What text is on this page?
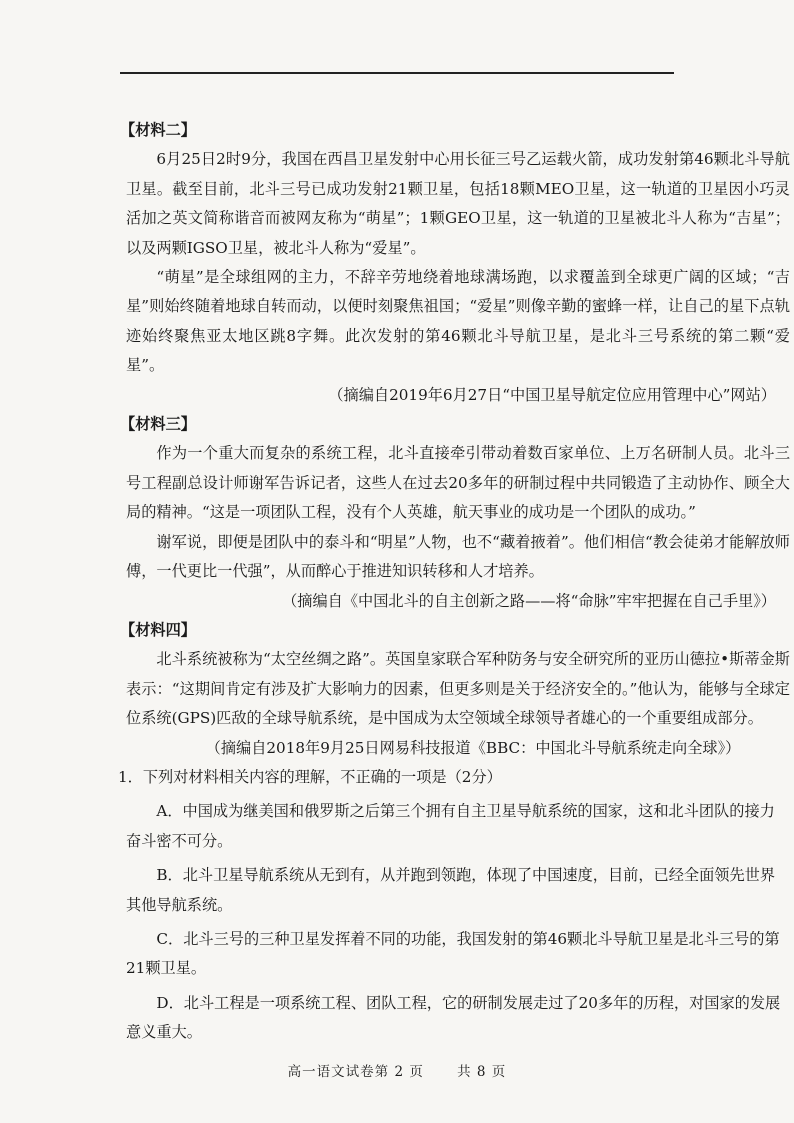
【材料二】

6月25日2时9分，我国在西昌卫星发射中心用长征三号乙运载火箭，成功发射第46颗北斗导航卫星。截至目前，北斗三号已成功发射21颗卫星，包括18颗MEO卫星，这一轨道的卫星因小巧灵活加之英文简称谐音而被网友称为“萌星”；1颗GEO卫星，这一轨道的卫星被北斗人称为“吉星”；以及两颗IGSO卫星，被北斗人称为“爱星”。

“萌星”是全球组网的主力，不辞辛劳地绕着地球满场跑，以求覆盖到全球更广阔的区域；“吉星”则始终随着地球自转而动，以便时刻聚焦祖国；“爱星”则像辛勤的蜜蜂一样，让自己的星下点轨迹始终聚焦亚太地区跳8字舞。此次发射的第46颗北斗导航卫星，是北斗三号系统的第二颗“爱星”。

（摘编自2019年6月27日“中国卫星导航定位应用管理中心”网站）

【材料三】

作为一个重大而复杂的系统工程，北斗直接牵引带动着数百家单位、上万名研制人员。北斗三号工程副总设计师谢军告诉记者，这些人在过去20多年的研制过程中共同锻造了主动协作、顾全大局的精神。“这是一项团队工程，没有个人英雄，航天事业的成功是一个团队的成功。”

谢军说，即便是团队中的泰斗和“明星”人物，也不“藏着掖着”。他们相信“教会徒弟才能解放师傅，一代更比一代强”，从而醉心于推进知识转移和人才培养。

（摘编自《中国北斗的自主创新之路——将“命脉”牢牢把握在自己手里》）

【材料四】

北斗系统被称为“太空丝绸之路”。英国皇家联合军种防务与安全研究所的亚历山德拉•斯蒂金斯表示：“这期间肯定有涉及扩大影响力的因素，但更多则是关于经济安全的。”他认为，能够与全球定位系统(GPS)匹敌的全球导航系统，是中国成为太空领域全球领导者雄心的一个重要组成部分。

（摘编自2018年9月25日网易科技报道《BBC：中国北斗导航系统走向全球》）

1．下列对材料相关内容的理解，不正确的一项是（2分）

A．中国成为继美国和俄罗斯之后第三个拥有自主卫星导航系统的国家，这和北斗团队的接力奋斗密不可分。

B．北斗卫星导航系统从无到有，从并跑到领跑，体现了中国速度，目前，已经全面领先世界其他导航系统。

C．北斗三号的三种卫星发挥着不同的功能，我国发射的第46颗北斗导航卫星是北斗三号的第21颗卫星。

D．北斗工程是一项系统工程、团队工程，它的研制发展走过了20多年的历程，对国家的发展意义重大。

高一语文试卷第 2 页 共 8 页
